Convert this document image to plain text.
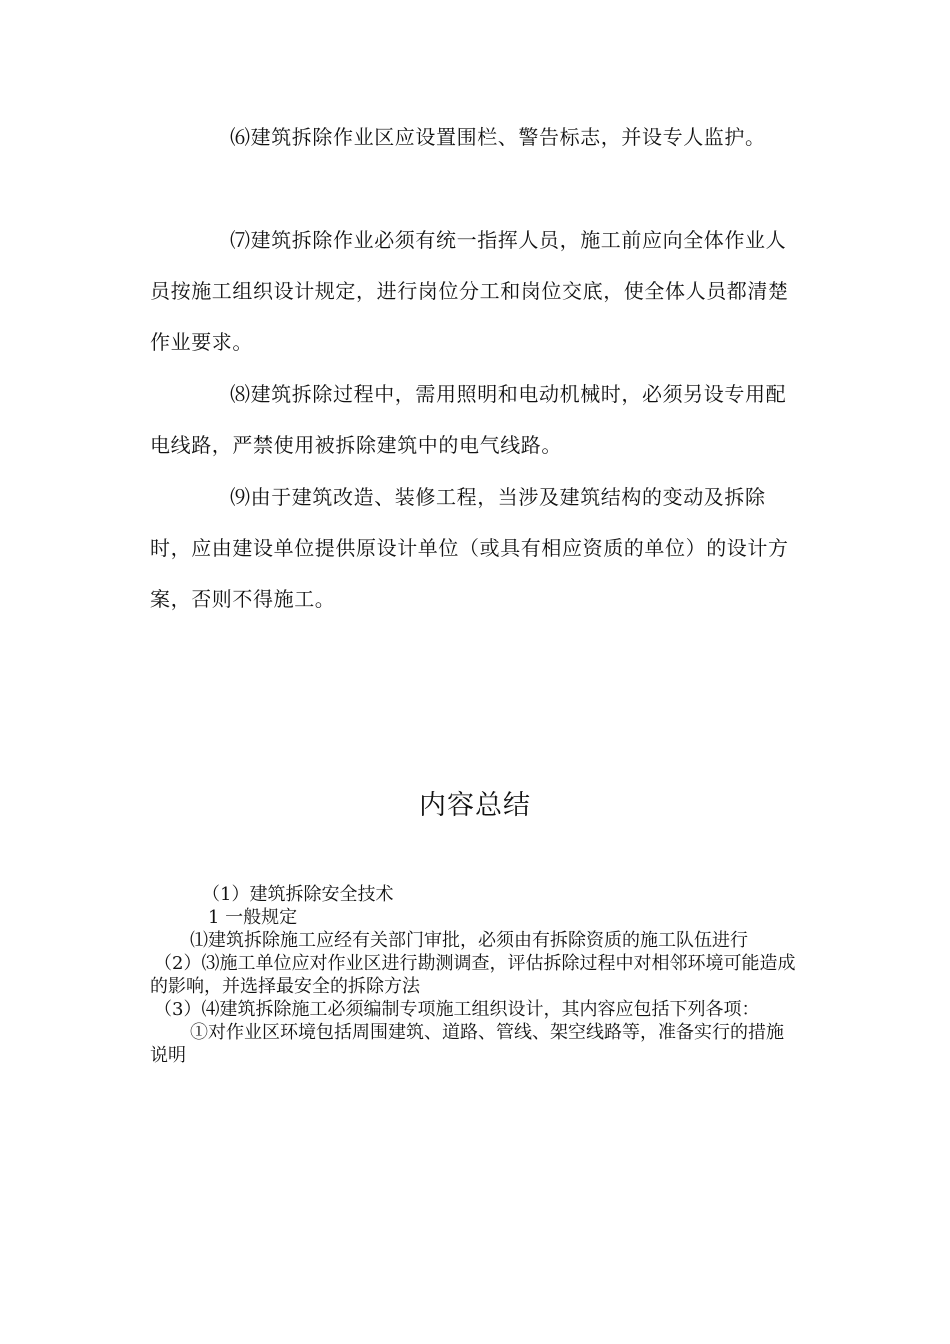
⑹建筑拆除作业区应设置围栏、警告标志，并设专人监护。

⑺建筑拆除作业必须有统一指挥人员，施工前应向全体作业人员按施工组织设计规定，进行岗位分工和岗位交底，使全体人员都清楚作业要求。

⑻建筑拆除过程中，需用照明和电动机械时，必须另设专用配电线路，严禁使用被拆除建筑中的电气线路。

⑼由于建筑改造、装修工程，当涉及建筑结构的变动及拆除时，应由建设单位提供原设计单位（或具有相应资质的单位）的设计方案，否则不得施工。

内容总结

（1）建筑拆除安全技术

1 一般规定

⑴建筑拆除施工应经有关部门审批，必须由有拆除资质的施工队伍进行

（2）⑶施工单位应对作业区进行勘测调查，评估拆除过程中对相邻环境可能造成的影响，并选择最安全的拆除方法

（3）⑷建筑拆除施工必须编制专项施工组织设计，其内容应包括下列各项：

①对作业区环境包括周围建筑、道路、管线、架空线路等，准备实行的措施说明
